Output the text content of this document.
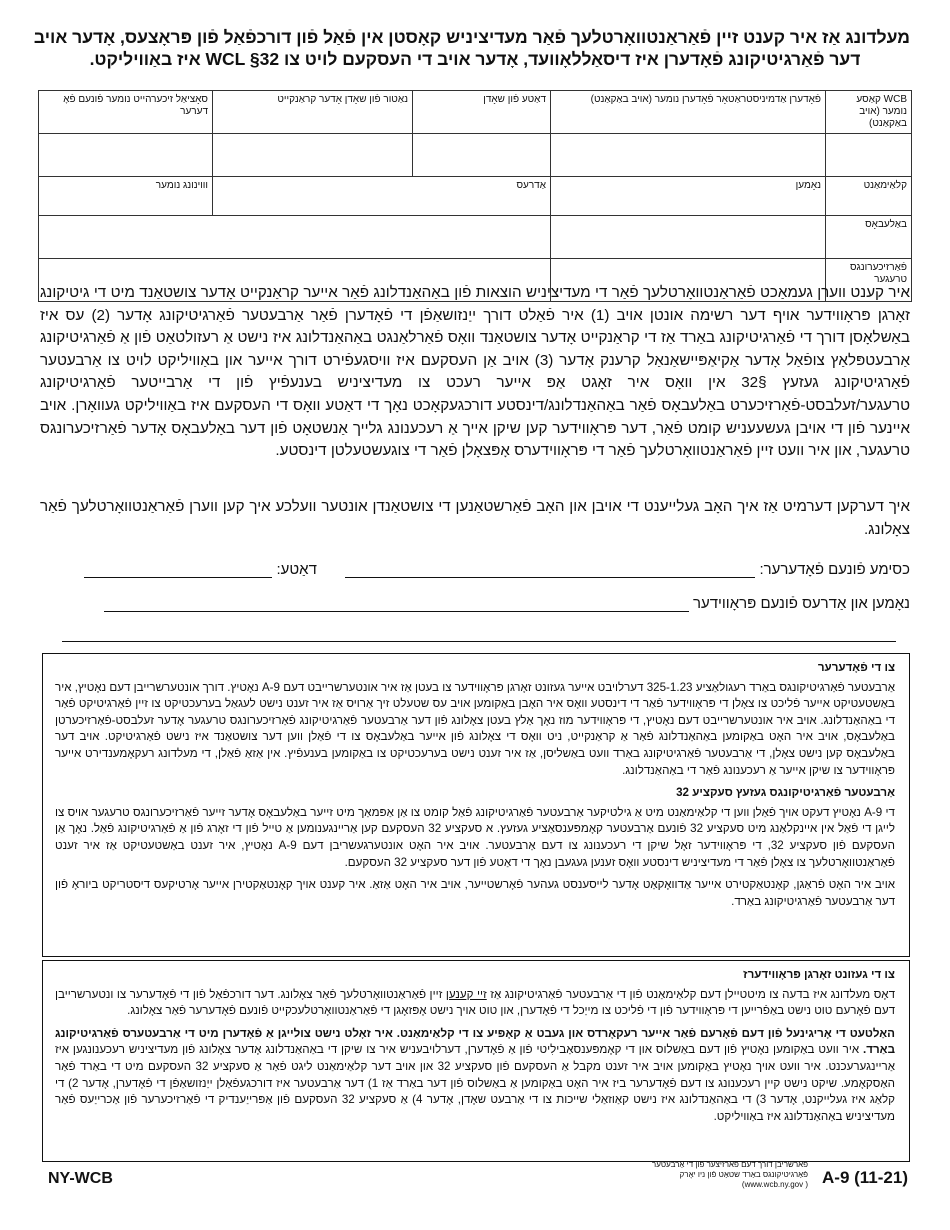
מעלדונג אַז איר קענט זיין פֿאַראַנטוואָרטלעך פֿאַר מעדיציניש קאָסטן אין פֿאַל פֿון דורכפֿאַל פֿון פּראָצעס, אָדער אויב
דער פֿאַרגיטיקונג פֿאָדערן איז דיסאַללאָוועד, אָדער אויב די העסקעם לויט צו WCL §32 איז באַוויליקט.
WCB קאַסע נומער (אויב באַקאַנט)	פֿאָדערן אַדמיניסטראַטאָר פֿאָדערן נומער (אויב באַקאַנט)	דאַטע פֿון שאָדן	נאַטור פֿון שאָדן אָדער קראַנקייט	סאָציאַל זיכערהייט נומער פֿונעם פֿאָ דערער

קלאַימאַנט	נאָמען	אַדרעס		וווינונג נומער
באַלעבאָס				
פֿאַרזיכערונגס טרעגער				
איר קענט ווערן געמאַכט פֿאַראַנטוואָרטלעך פֿאַר די מעדיציניש הוצאות פֿון באַהאַנדלונג פֿאַר אייער קראַנקייט אָדער צושטאַנד מיט די גיטיקונג זאָרגן פּראָווידער אויף דער רשימה אונטן אויב (1) איר פֿאַלט דורך ייַנזושאַפֿן די פֿאָדערן פֿאַר אַרבעטער פֿאַרגיטיקונג אָדער (2) עס איז באַשלאָסן דורך די פֿאַרגיטיקונג באַרד אַז די קראַנקייט אָדער צושטאַנד וואָס פֿאַרלאַנגט באַהאַנדלונג איז נישט אַ רעזולטאַט פֿון אַ פֿאַרגיטיקונג אַרבעטפּלאַץ צופֿאַל אָדער אַקיאַפּיישאַנאַל קרענק אָדער (3) אויב אַן העסקעם איז וויסגעפֿירט דורך אייער און באַוויליקט לויט צו אַרבעטער פֿאַרגיטיקונג געזעץ §32 אין וואָס איר זאָגט אַפּ אייער רעכט צו מעדיציניש בענעפֿיץ פֿון די אַרבייטער פֿאַרגיטיקונג טרעגער/זעלבסט-פֿאַרזיכערט באַלעבאָס פֿאַר באַהאַנדלונג/דינסטע דורכגעקאָכט נאָך די דאַטע וואָס די העסקעם איז באַוויליקט געוואָרן. אויב איינער פֿון די אויבן געשעעניש קומט פֿאַר, דער פּראָווידער קען שיקן אייך אַ רעכענונג גלייך אַנשטאָט פֿון דער באַלעבאָס אָדער פֿאַרזיכערונגס טרעגער, און איר וועט זיין פֿאַראַנטוואָרטלעך פֿאַר די פּראָווידערס אָפּצאָלן פֿאַר די צוגעשטעלטן דינסטע.
איך דערקען דערמיט אַז איך האָב געלייענט די אויבן און האָב פֿאַרשטאַנען די צושטאַנדן אונטער וועלכע איך קען ווערן פֿאַראַנטוואָרטלעך פֿאַר צאָלונג.
כסימע פֿונעם פֿאָדערער:   דאַטע:
נאָמען און אַדרעס פֿונעם פּראָווידער
צו די פֿאָדערער

אַרבעטער פֿאַרגיטיקונגס באַרד רעגולאַציע 325-1.23 דערלויבט אייער געזונט זאָרגן פּראָווידער צו בעטן אַז איר אונטערשרייבט דעם A-9 נאָטיץ. דורך אונטערשרייבן דעם נאָטיץ, איר באַשטעטיקט אייער פֿליכט צו צאָלן די פּראָווידער פֿאַר די דינסטע וואָס איר האָבן באַקומען אויב עס שטעלט זיך אַרויס אַז איר זענט נישט לעגאַל בערעכטיקט צו זיין פֿאַרגיטיקט פֿאַר די באַהאַנדלונג. אויב איר אונטערשרייבט דעם נאָטיץ, די פּראָווידער מוז נאָך אַלץ בעטן צאָלונג פֿון דער אַרבעטער פֿאַרגיטיקונג פֿאַרזיכערונגס טרעגער אָדער זעלבסט-פֿאַרזיכערטן באַלעבאָס, אויב איר האָט באַקומען באַהאַנדלונג פֿאַר אַ קראַנקייט, ניט וואָס די צאָלונג פֿון אייער באַלעבאָס צו די פֿאַלן ווען דער צושטאַנד איז נישט פֿאַרגיטיקט. אויב דער באַלעבאָס קען נישט צאָלן, די אַרבעטער פֿאַרגיטיקונג באַרד וועט באַשליסן, אַז איר זענט נישט בערעכטיקט צו באַקומען בענעפֿיץ. אין אַזאַ פֿאַלן, די מעלדונג רעקאָמענדירט אייער פּראָווידער צו שיקן אייער אַ רעכענונג פֿאַר די באַהאַנדלונג.

אַרבעטער פֿאַרגיטיקונגס געזעץ סעקציע 32

די A-9 נאָטיץ דעקט אויך פֿאַלן ווען די קלאַימאַנט מיט אַ גילטיקער אַרבעטער פֿאַרגיטיקונג פֿאַל קומט צו אַן אַפּמאַך מיט זייער באַלעבאָס אָדער זייער פֿאַרזיכערונגס טרעגער אויס צו לייגן די פֿאַל אין איינקלאַנג מיט סעקציע 32 פֿונעם אַרבעטער קאָמפּענסאַציע געזעץ. א סעקציע 32 העסקעם קען אַריינגענומען אַ טייל פֿון די זאָרג פֿון אַ פֿאַרגיטיקונג פֿאַל. נאָך אַן העסקעם פֿון סעקציע 32, די פּראָווידער זאָל שיקן די רעכענונג צו דעם אַרבעטער. אויב איר האָט אונטערגעשריבן דעם A-9 נאָטיץ, איר זענט באַשטעטיקט אַז איר זענט פֿאַראַנטוואָרטלעך צו צאָלן פֿאַר די מעדיציניש דינסטע וואָס זענען געגעבן נאָך די דאַטע פֿון דער סעקציע 32 העסקעם.

אויב איר האָט פֿראַגן, קאָנטאַקטירט אייער אַדוואָקאַט אָדער לייסענסט געהער פֿאָרשטייער, אויב איר האָט אַזאַ. איר קענט אויך קאָנטאַקטירן אייער אָרטיקעס דיסטריקט ביוראָ פֿון דער אַרבעטער פֿאַרגיטיקונג באַרד.

צו די געזונט זאָרגן פּראָווידערז

דאָס מעלדונג איז בדעה צו מיטטיילן דעם קלאַימאַנט פֿון די אַרבעטער פֿאַרגיטיקונג אַז זיי קענען זיין פֿאַראַנטוואָרטלעך פֿאַר צאָלונג. דער דורכפֿאַל פֿון די פֿאָדערער צו ונטערשרייבן דעם פֿאָרעם טוט נישט באַפֿרייען די פּראָווידער פֿון די פֿליכט צו מייַכל די פֿאָדערן, און טוט אויך נישט אָפּזאָגן די פֿאַראַנטוואָרטלעכקייט פֿונעם פֿאָדערער פֿאַר צאָלונג.

האַלטעט די אָריגינעל פֿון דעם פֿאָרעם פֿאַר אייער רעקאָרדס און געבט אַ קאָפּיע צו די קלאַימאַנט. איר זאָלט נישט צולייגן אַ פֿאָדערן מיט די אַרבעטערס פֿאַרגיטיקונג באַרד. איר וועט באַקומען נאָטיץ פֿון דעם באַשלוס און די קאָמפּענסאַבילִיטי פֿון אַ פֿאָדערן, דערלויבעניש איר צו שיקן די באַהאַנדלונג אָדער צאָלונג פֿון מעדיציניש רעכענונגען איז אַריינגערעכנט. איר וועט אויך נאָטיץ באַקומען אויב איר זענט מקבל אַ העסקעם פֿון סעקציע 32 און אויב דער קלאַימאַנט ליגט פֿאַר אַ סעקציע 32 העסקעם מיט די באַרד פֿאַר האַסקאָמע. שיקט נישט קיין רעכענונג צו דעם פֿאָדערער ביז איר האָט באַקומען אַ באַשלוס פֿון דער באַרד אַז 1) דער אַרבעטער איז דורכגעפֿאַלן ייַנזושאַפֿן די פֿאָדערן, אָדער 2) די קלאַג איז געלייקנט, אָדער 3) די באַהאַנדלונג איז נישט קאַוזאַלי שייכות צו די אַרבעט שאָדן, אָדער 4) אַ סעקציע 32 העסקעם פֿון אַפּרייַענדיק די פֿאַרזיכערער פֿון אַכרייַעס פֿאַר מעדיציניש באַהאַנדלונג איז באַוויליקט.

NY-WCB
פֿארשריבן דורך דעם פֿארזיצער פֿון די אַרבעטער
פֿאַרגיטיקונגס באַרד שטאַט פֿון ניו יאָרק
( www.wcb.ny.gov) A-9 (11-21)
